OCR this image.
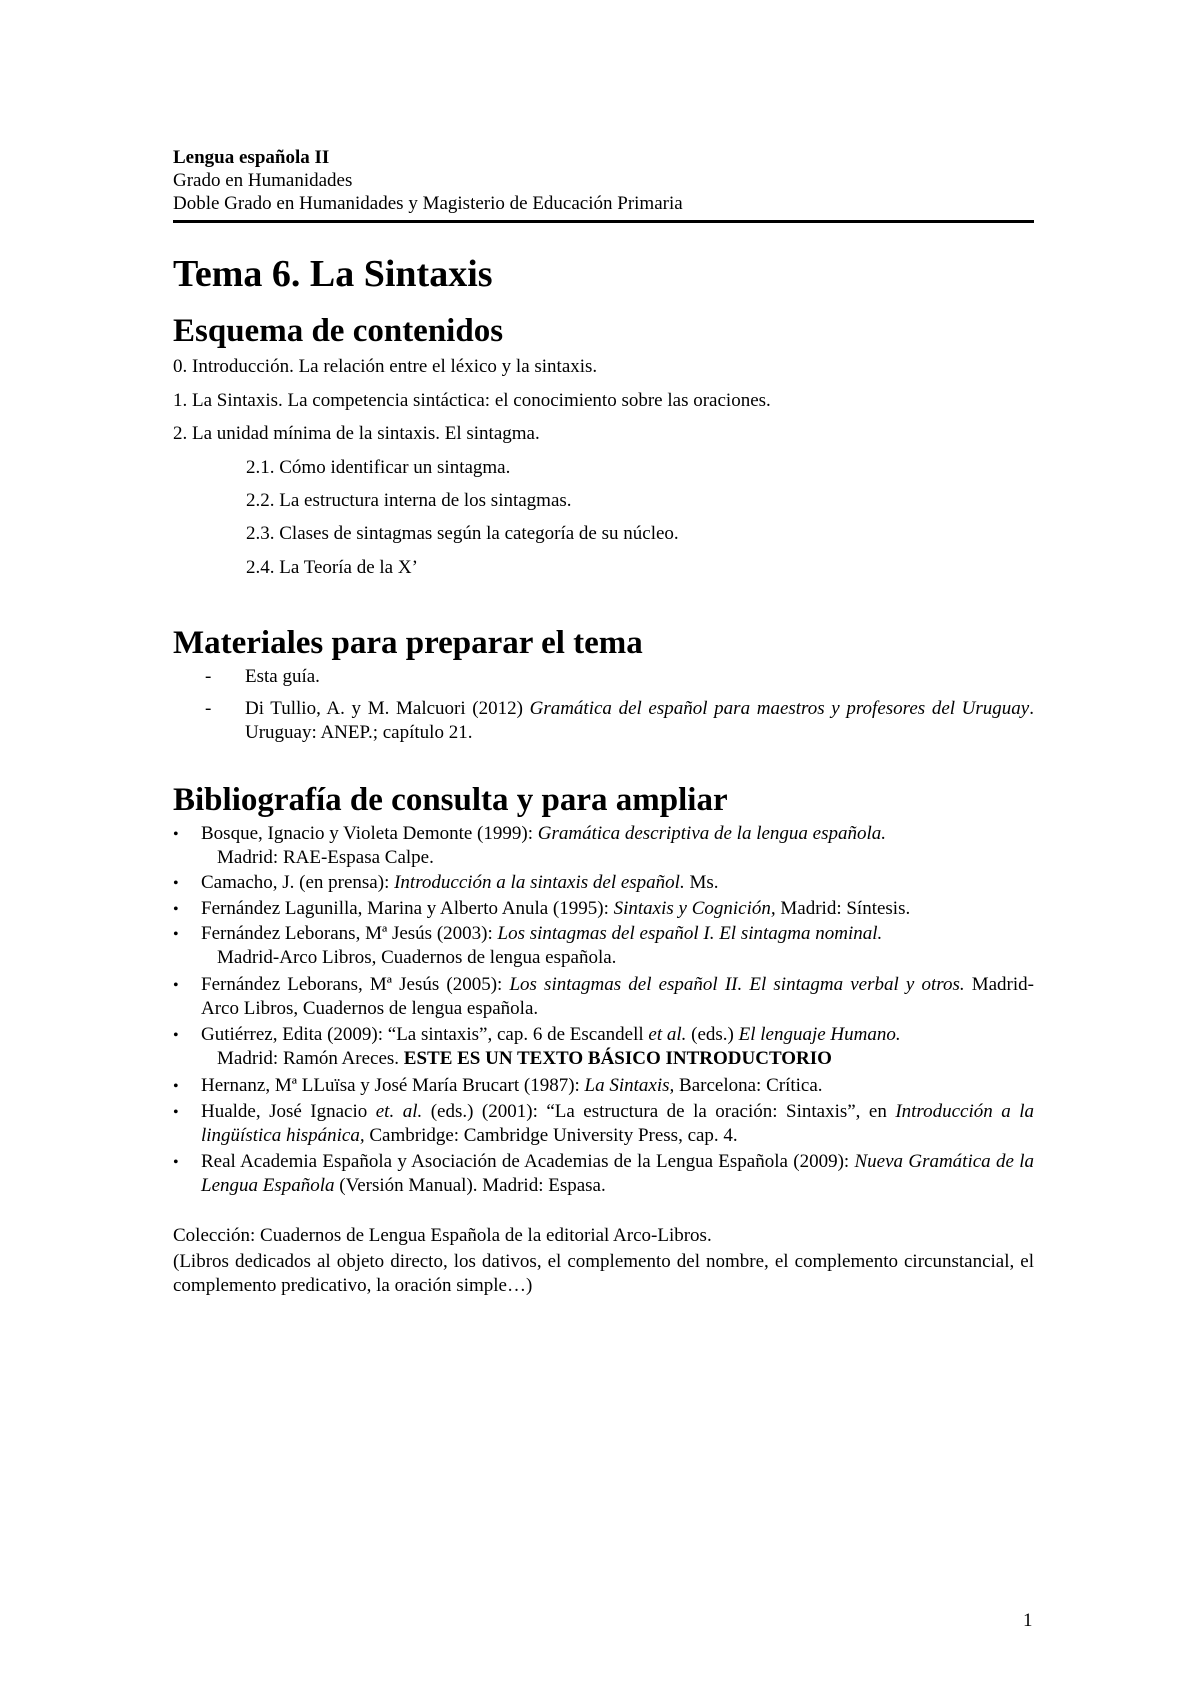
Lengua española II
Grado en Humanidades
Doble Grado en Humanidades y Magisterio de Educación Primaria
Tema 6. La Sintaxis
Esquema de contenidos
0. Introducción. La relación entre el léxico y la sintaxis.
1. La Sintaxis. La competencia sintáctica: el conocimiento sobre las oraciones.
2. La unidad mínima de la sintaxis. El sintagma.
2.1. Cómo identificar un sintagma.
2.2. La estructura interna de los sintagmas.
2.3. Clases de sintagmas según la categoría de su núcleo.
2.4. La Teoría de la X’
Materiales para preparar el tema
- Esta guía.
- Di Tullio, A. y M. Malcuori (2012) Gramática del español para maestros y profesores del Uruguay. Uruguay: ANEP.; capítulo 21.
Bibliografía de consulta y para ampliar
• Bosque, Ignacio y Violeta Demonte (1999): Gramática descriptiva de la lengua española.
Madrid: RAE-Espasa Calpe.
• Camacho, J. (en prensa): Introducción a la sintaxis del español. Ms.
• Fernández Lagunilla, Marina y Alberto Anula (1995): Sintaxis y Cognición, Madrid: Síntesis.
• Fernández Leborans, Mª Jesús (2003): Los sintagmas del español I. El sintagma nominal.
Madrid-Arco Libros, Cuadernos de lengua española.
• Fernández Leborans, Mª Jesús (2005): Los sintagmas del español II. El sintagma verbal y otros. Madrid-Arco Libros, Cuadernos de lengua española.
• Gutiérrez, Edita (2009): “La sintaxis”, cap. 6 de Escandell et al. (eds.) El lenguaje Humano.
Madrid: Ramón Areces. ESTE ES UN TEXTO BÁSICO INTRODUCTORIO
• Hernanz, Mª LLuïsa y José María Brucart (1987): La Sintaxis, Barcelona: Crítica.
• Hualde, José Ignacio et. al. (eds.) (2001): “La estructura de la oración: Sintaxis”, en Introducción a la lingüística hispánica, Cambridge: Cambridge University Press, cap. 4.
• Real Academia Española y Asociación de Academias de la Lengua Española (2009): Nueva Gramática de la Lengua Española (Versión Manual). Madrid: Espasa.
Colección: Cuadernos de Lengua Española de la editorial Arco-Libros.
(Libros dedicados al objeto directo, los dativos, el complemento del nombre, el complemento circunstancial, el complemento predicativo, la oración simple…)
1
